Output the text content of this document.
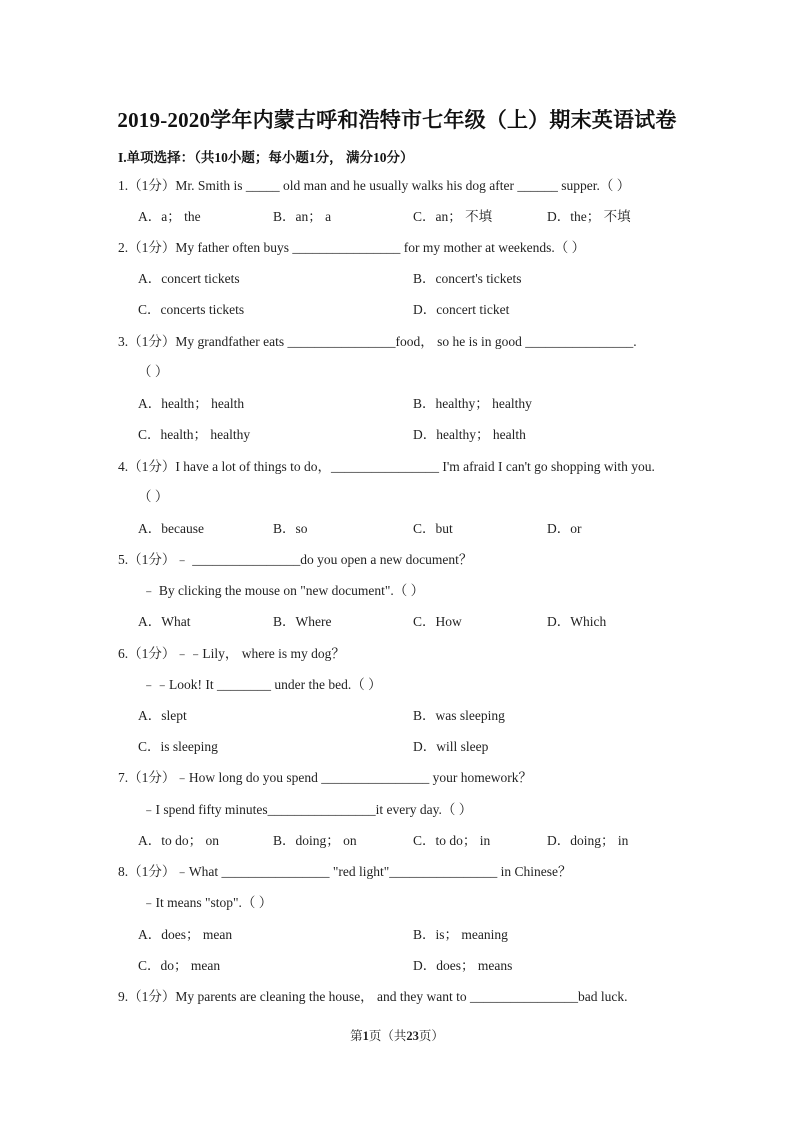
2019-2020学年内蒙古呼和浩特市七年级（上）期末英语试卷
I.单项选择：（共10小题；每小题1分， 满分10分）
1.（1分）Mr. Smith is _____ old man and he usually walks his dog after ______ supper.（ ）
A．a； the	B．an； a	C．an； 不填	D．the； 不填
2.（1分）My father often buys ________________ for my mother at weekends.（ ）
A．concert tickets	B．concert's tickets
C．concerts tickets	D．concert ticket
3.（1分）My grandfather eats ________________food， so he is in good ________________.
（ ）
A．health； health	B．healthy； healthy
C．health； healthy	D．healthy； health
4.（1分）I have a lot of things to do，________________ I'm afraid I can't go shopping with you.
（ ）
A．because	B．so	C．but	D．or
5.（1分）﹣ ________________do you open a new document？
﹣ By clicking the mouse on "new document".（ ）
A．What	B．Where	C．How	D．Which
6.（1分）﹣﹣Lily， where is my dog？
﹣﹣Look! It ________ under the bed.（ ）
A．slept	B．was sleeping
C．is sleeping	D．will sleep
7.（1分）﹣How long do you spend ________________ your homework？
﹣I spend fifty minutes________________it every day.（ ）
A．to do； on	B．doing； on	C．to do； in	D．doing； in
8.（1分）﹣What ________________ "red light"________________ in Chinese？
﹣It means "stop".（ ）
A．does； mean	B．is； meaning
C．do； mean	D．does； means
9.（1分）My parents are cleaning the house， and they want to ________________bad luck.
第1页（共23页）
